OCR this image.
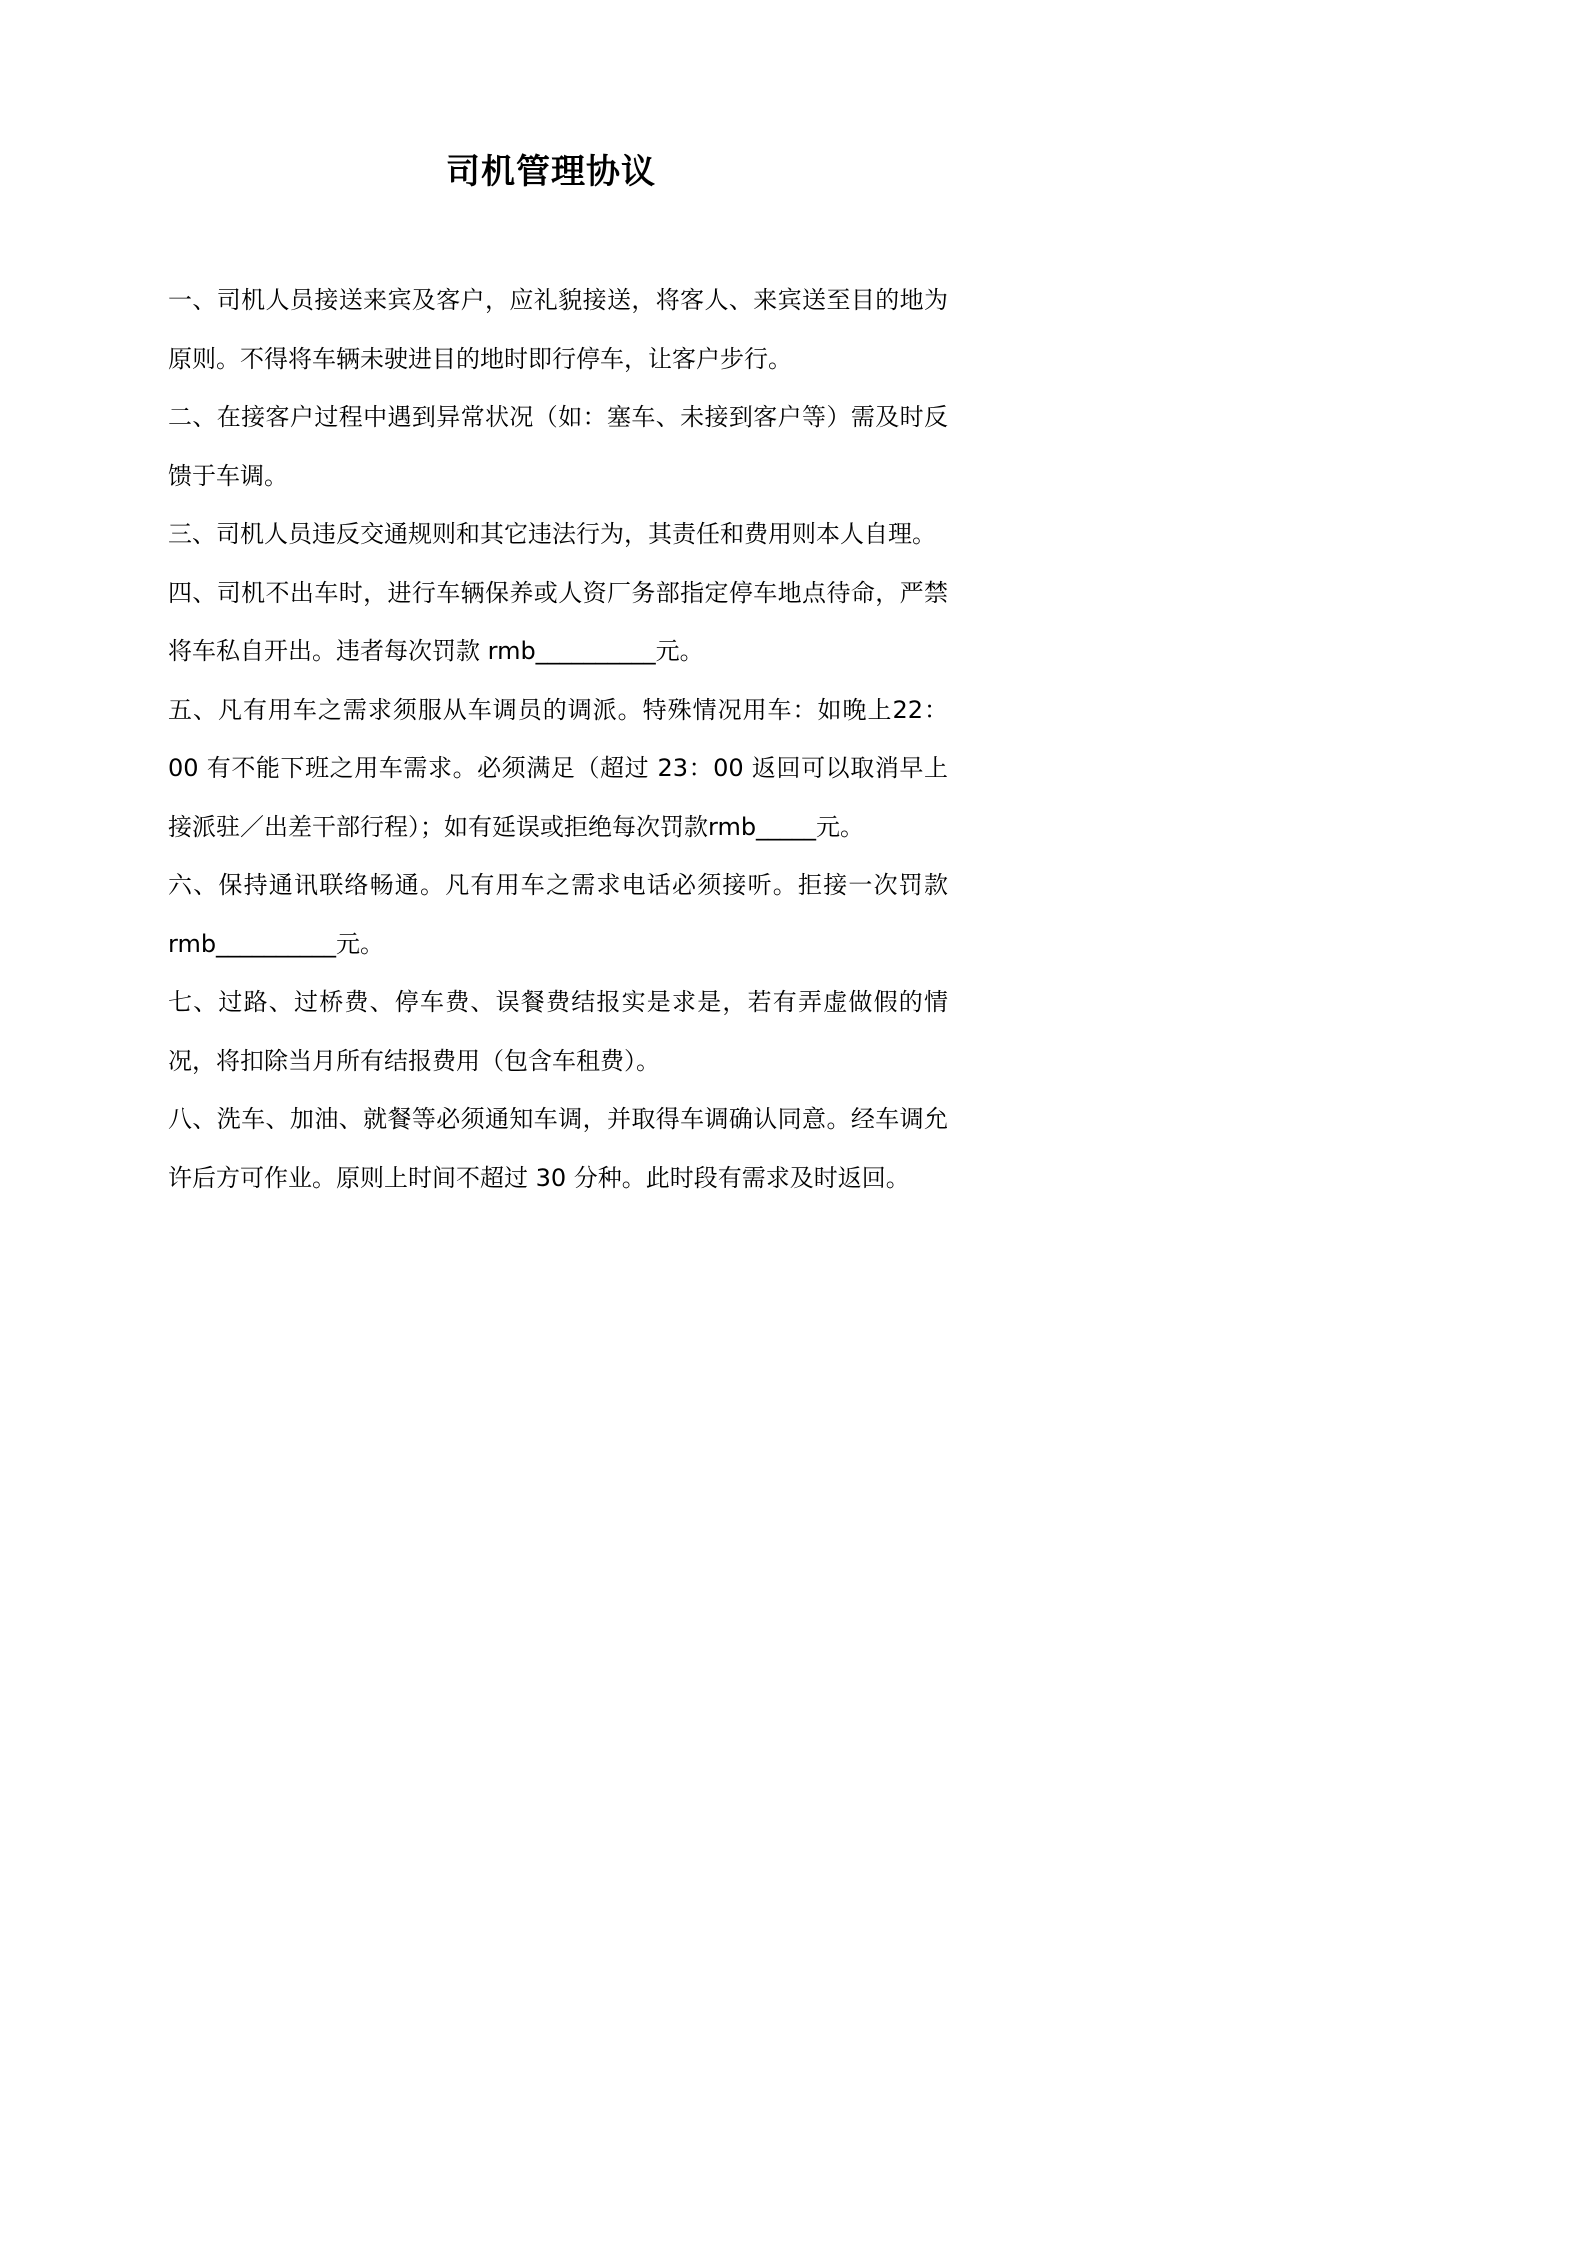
司机管理协议

一、司机人员接送来宾及客户，应礼貌接送，将客人、来宾送至目的地为原则。不得将车辆未驶进目的地时即行停车，让客户步行。

二、在接客户过程中遇到异常状况（如：塞车、未接到客户等）需及时反馈于车调。

三、司机人员违反交通规则和其它违法行为，其责任和费用则本人自理。

四、司机不出车时，进行车辆保养或人资厂务部指定停车地点待命，严禁将车私自开出。违者每次罚款 rmb__________元。

五、凡有用车之需求须服从车调员的调派。特殊情况用车：如晚上22：00 有不能下班之用车需求。必须满足（超过 23：00 返回可以取消早上接派驻／出差干部行程）；如有延误或拒绝每次罚款rmb_____元。

六、保持通讯联络畅通。凡有用车之需求电话必须接听。拒接一次罚款 rmb__________元。

七、过路、过桥费、停车费、误餐费结报实是求是，若有弄虚做假的情况，将扣除当月所有结报费用（包含车租费）。

八、洗车、加油、就餐等必须通知车调，并取得车调确认同意。经车调允许后方可作业。原则上时间不超过 30 分种。此时段有需求及时返回。
